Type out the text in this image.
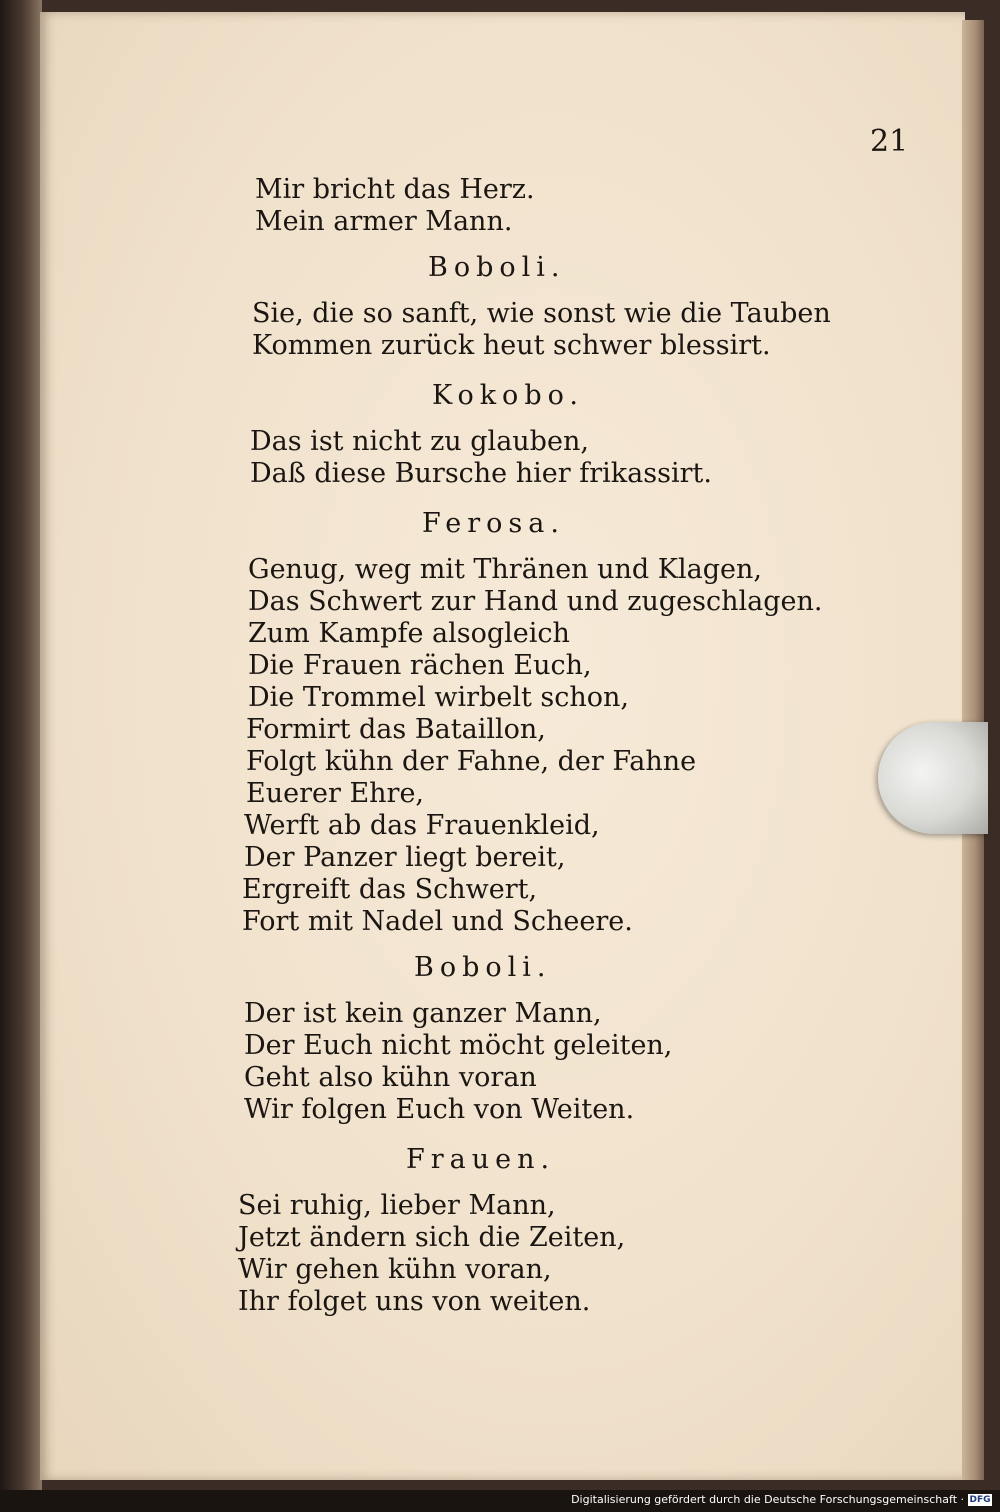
21
Mir bricht das Herz.
Mein armer Mann.
Boboli.
Sie, die so sanft, wie sonst wie die Tauben
Kommen zurück heut schwer blessirt.
Kokobo.
Das ist nicht zu glauben,
Daß diese Bursche hier frikassirt.
Ferosa.
Genug, weg mit Thränen und Klagen,
Das Schwert zur Hand und zugeschlagen.
Zum Kampfe alsogleich
Die Frauen rächen Euch,
Die Trommel wirbelt schon,
Formirt das Bataillon,
Folgt kühn der Fahne, der Fahne
Euerer Ehre,
Werft ab das Frauenkleid,
Der Panzer liegt bereit,
Ergreift das Schwert,
Fort mit Nadel und Scheere.
Boboli.
Der ist kein ganzer Mann,
Der Euch nicht möcht geleiten,
Geht also kühn voran
Wir folgen Euch von Weiten.
Frauen.
Sei ruhig, lieber Mann,
Jetzt ändern sich die Zeiten,
Wir gehen kühn voran,
Ihr folget uns von weiten.
Digitalisierung gefördert durch die Deutsche Forschungsgemeinschaft · DFG
